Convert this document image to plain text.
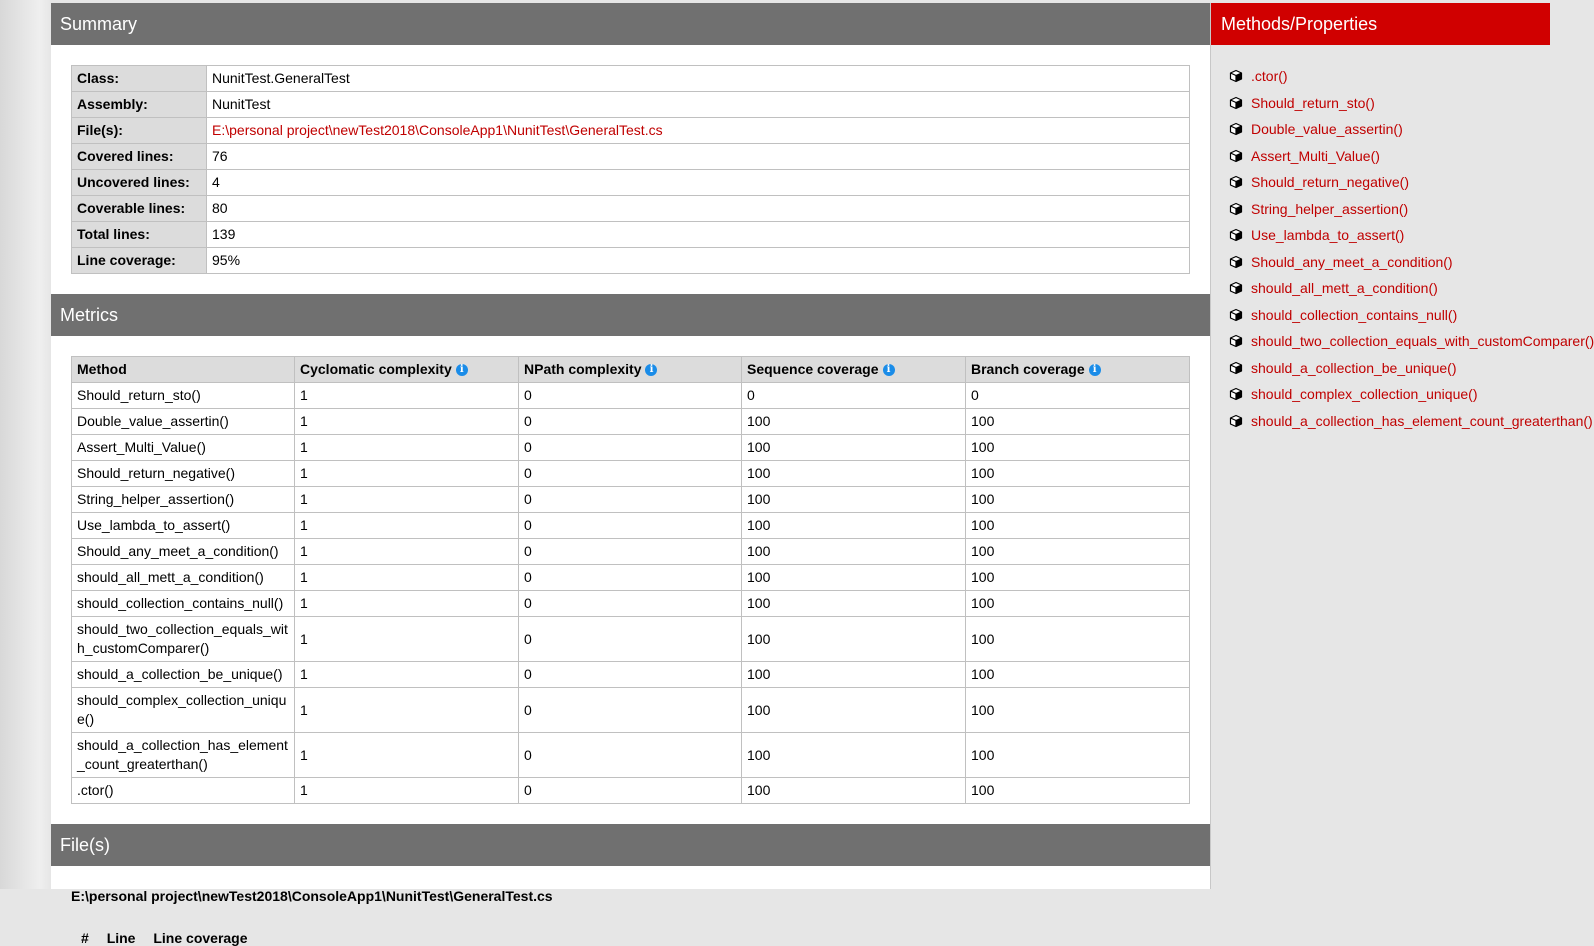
Summary
Class:	NunitTest.GeneralTest
Assembly:	NunitTest
File(s):	E:\personal project\newTest2018\ConsoleApp1\NunitTest\GeneralTest.cs
Covered lines:	76
Uncovered lines:	4
Coverable lines:	80
Total lines:	139
Line coverage:	95%
Metrics
Method	Cyclomatic complexity i	NPath complexity i	Sequence coverage i	Branch coverage i
Should_return_sto()	1	0	0	0
Double_value_assertin()	1	0	100	100
Assert_Multi_Value()	1	0	100	100
Should_return_negative()	1	0	100	100
String_helper_assertion()	1	0	100	100
Use_lambda_to_assert()	1	0	100	100
Should_any_meet_a_condition()	1	0	100	100
should_all_mett_a_condition()	1	0	100	100
should_collection_contains_null()	1	0	100	100
should_two_collection_equals_with_customComparer()	1	0	100	100
should_a_collection_be_unique()	1	0	100	100
should_complex_collection_unique()	1	0	100	100
should_a_collection_has_element_count_greaterthan()	1	0	100	100
.ctor()	1	0	100	100
File(s)
E:\personal project\newTest2018\ConsoleApp1\NunitTest\GeneralTest.cs
# Line Line coverage
Methods/Properties
.ctor()
Should_return_sto()
Double_value_assertin()
Assert_Multi_Value()
Should_return_negative()
String_helper_assertion()
Use_lambda_to_assert()
Should_any_meet_a_condition()
should_all_mett_a_condition()
should_collection_contains_null()
should_two_collection_equals_with_customComparer()
should_a_collection_be_unique()
should_complex_collection_unique()
should_a_collection_has_element_count_greaterthan()
